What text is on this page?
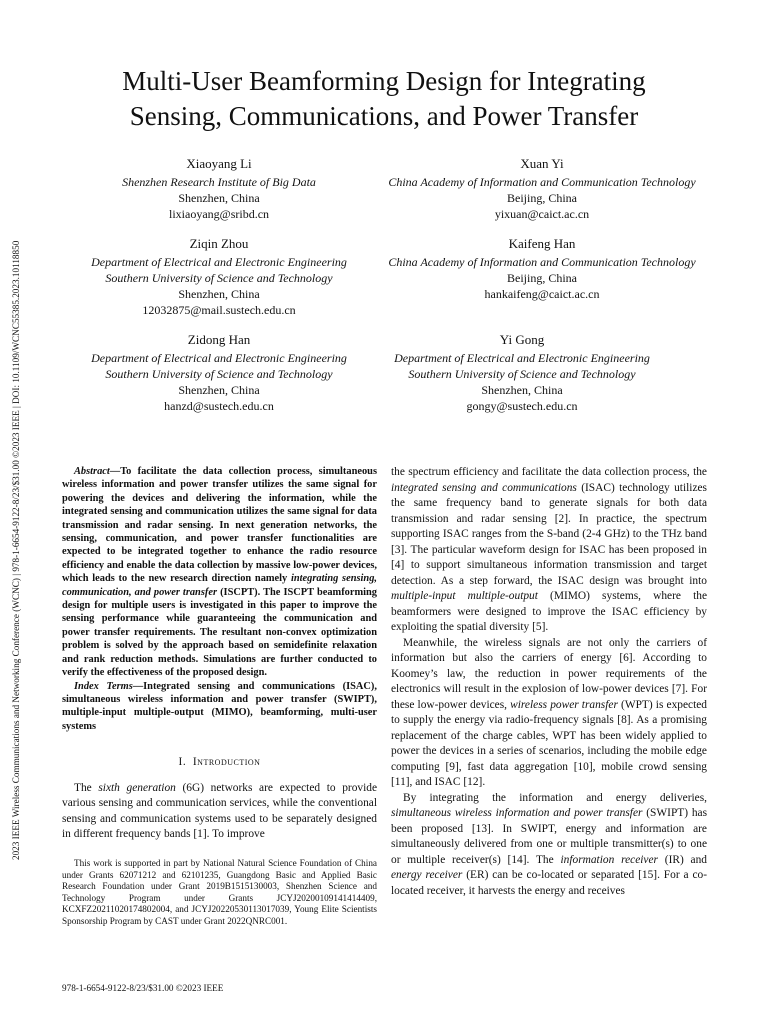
2023 IEEE Wireless Communications and Networking Conference (WCNC) | 978-1-6654-9122-8/23/$31.00 ©2023 IEEE | DOI: 10.1109/WCNC55385.2023.10118850
Multi-User Beamforming Design for Integrating
Sensing, Communications, and Power Transfer
Xiaoyang Li
Shenzhen Research Institute of Big Data
Shenzhen, China
lixiaoyang@sribd.cn
Xuan Yi
China Academy of Information and Communication Technology
Beijing, China
yixuan@caict.ac.cn
Ziqin Zhou
Department of Electrical and Electronic Engineering
Southern University of Science and Technology
Shenzhen, China
12032875@mail.sustech.edu.cn
Kaifeng Han
China Academy of Information and Communication Technology
Beijing, China
hankaifeng@caict.ac.cn
Zidong Han
Department of Electrical and Electronic Engineering
Southern University of Science and Technology
Shenzhen, China
hanzd@sustech.edu.cn
Yi Gong
Department of Electrical and Electronic Engineering
Southern University of Science and Technology
Shenzhen, China
gongy@sustech.edu.cn

Abstract—To facilitate the data collection process, simultaneous wireless information and power transfer utilizes the same signal for powering the devices and delivering the information, while the integrated sensing and communication utilizes the same signal for data transmission and radar sensing. In next generation networks, the sensing, communication, and power transfer functionalities are expected to be integrated together to enhance the radio resource efficiency and enable the data collection by massive low-power devices, which leads to the new research direction namely integrating sensing, communication, and power transfer (ISCPT). The ISCPT beamforming design for multiple users is investigated in this paper to improve the sensing performance while guaranteeing the communication and power transfer requirements. The resultant non-convex optimization problem is solved by the approach based on semidefinite relaxation and rank reduction methods. Simulations are further conducted to verify the effectiveness of the proposed design.

Index Terms—Integrated sensing and communications (ISAC), simultaneous wireless information and power transfer (SWIPT), multiple-input multiple-output (MIMO), beamforming, multi-user systems

I. Introduction

The sixth generation (6G) networks are expected to provide various sensing and communication services, while the conventional sensing and communication systems used to be separately designed in different frequency bands [1]. To improve

the spectrum efficiency and facilitate the data collection process, the integrated sensing and communications (ISAC) technology utilizes the same frequency band to generate signals for both data transmission and radar sensing [2]. In practice, the spectrum supporting ISAC ranges from the S-band (2-4 GHz) to the THz band [3]. The particular waveform design for ISAC has been proposed in [4] to support simultaneous information transmission and target detection. As a step forward, the ISAC design was brought into multiple-input multiple-output (MIMO) systems, where the beamformers were designed to improve the ISAC efficiency by exploiting the spatial diversity [5].

Meanwhile, the wireless signals are not only the carriers of information but also the carriers of energy [6]. According to Koomey’s law, the reduction in power requirements of the electronics will result in the explosion of low-power devices [7]. For these low-power devices, wireless power transfer (WPT) is expected to supply the energy via radio-frequency signals [8]. As a promising replacement of the charge cables, WPT has been widely applied to power the devices in a series of scenarios, including the mobile edge computing [9], fast data aggregation [10], mobile crowd sensing [11], and ISAC [12].

By integrating the information and energy deliveries, simultaneous wireless information and power transfer (SWIPT) has been proposed [13]. In SWIPT, energy and information are simultaneously delivered from one or multiple transmitter(s) to one or multiple receiver(s) [14]. The information receiver (IR) and energy receiver (ER) can be co-located or separated [15]. For a co-located receiver, it harvests the energy and receives

This work is supported in part by National Natural Science Foundation of China under Grants 62071212 and 62101235, Guangdong Basic and Applied Basic Research Foundation under Grant 2019B1515130003, Shenzhen Science and Technology Program under Grants JCYJ20200109141414409, KCXFZ20211020174802004, and JCYJ20220530113017039, Young Elite Scientists Sponsorship Program by CAST under Grant 2022QNRC001.
978-1-6654-9122-8/23/$31.00 ©2023 IEEE
